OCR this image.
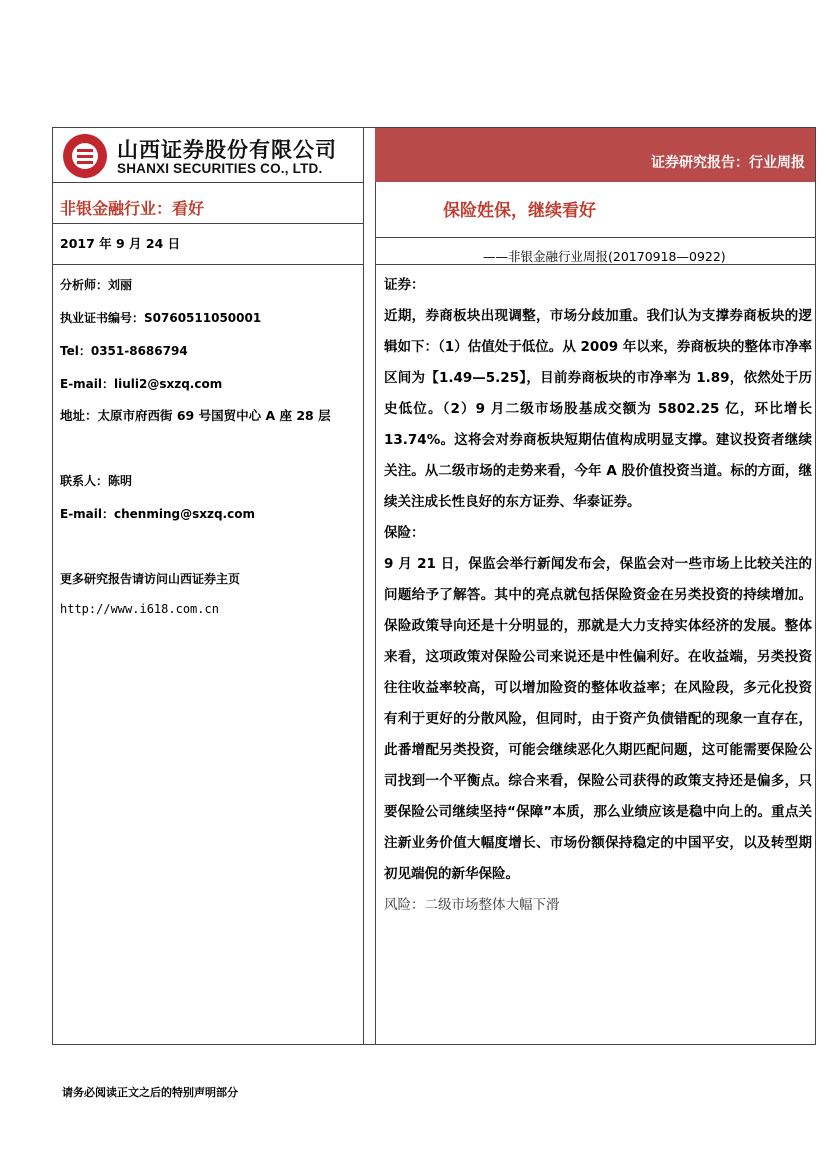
山西证券股份有限公司
SHANXI SECURITIES CO., LTD.	证券研究报告：行业周报
非银金融行业：看好	保险姓保，继续看好
2017 年 9 月 24 日
——非银金融行业周报(20170918—0922)
分析师：刘丽
执业证书编号：S0760511050001
Tel：0351-8686794
E-mail：liuli2@sxzq.com
地址：太原市府西街 69 号国贸中心 A 座 28 层
联系人：陈明
E-mail：chenming@sxzq.com
更多研究报告请访问山西证券主页
http://www.i618.com.cn

证券：

近期，券商板块出现调整，市场分歧加重。我们认为支撑券商板块的逻辑如下：（1）估值处于低位。从 2009 年以来，券商板块的整体市净率区间为【1.49—5.25】，目前券商板块的市净率为 1.89，依然处于历史低位。（2）9 月二级市场股基成交额为 5802.25 亿，环比增长 13.74%。这将会对券商板块短期估值构成明显支撑。建议投资者继续关注。从二级市场的走势来看，今年 A 股价值投资当道。标的方面，继续关注成长性良好的东方证券、华泰证券。

保险：

9 月 21 日，保监会举行新闻发布会，保监会对一些市场上比较关注的问题给予了解答。其中的亮点就包括保险资金在另类投资的持续增加。保险政策导向还是十分明显的，那就是大力支持实体经济的发展。整体来看，这项政策对保险公司来说还是中性偏利好。在收益端，另类投资往往收益率较高，可以增加险资的整体收益率；在风险段，多元化投资有利于更好的分散风险，但同时，由于资产负债错配的现象一直存在，此番增配另类投资，可能会继续恶化久期匹配问题，这可能需要保险公司找到一个平衡点。综合来看，保险公司获得的政策支持还是偏多，只要保险公司继续坚持“保障”本质，那么业绩应该是稳中向上的。重点关注新业务价值大幅度增长、市场份额保持稳定的中国平安，以及转型期初见端倪的新华保险。

风险：二级市场整体大幅下滑

请务必阅读正文之后的特别声明部分
